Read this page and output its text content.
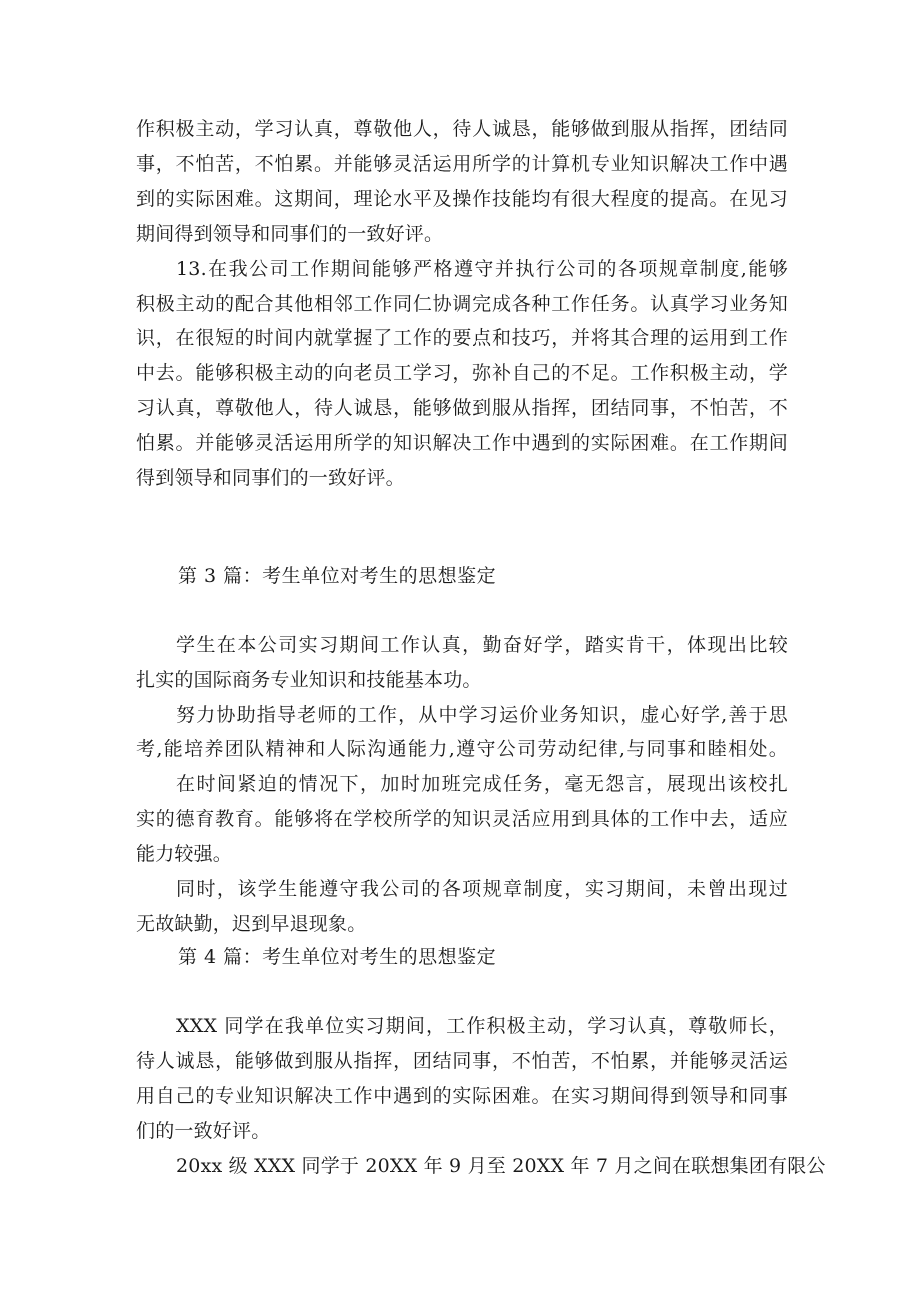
作积极主动，学习认真，尊敬他人，待人诚恳，能够做到服从指挥，团结同
事，不怕苦，不怕累。并能够灵活运用所学的计算机专业知识解决工作中遇
到的实际困难。这期间，理论水平及操作技能均有很大程度的提高。在见习
期间得到领导和同事们的一致好评。
13.在我公司工作期间能够严格遵守并执行公司的各项规章制度,能够
积极主动的配合其他相邻工作同仁协调完成各种工作任务。认真学习业务知
识，在很短的时间内就掌握了工作的要点和技巧，并将其合理的运用到工作
中去。能够积极主动的向老员工学习，弥补自己的不足。工作积极主动，学
习认真，尊敬他人，待人诚恳，能够做到服从指挥，团结同事，不怕苦，不
怕累。并能够灵活运用所学的知识解决工作中遇到的实际困难。在工作期间
得到领导和同事们的一致好评。
第 3 篇：考生单位对考生的思想鉴定
学生在本公司实习期间工作认真，勤奋好学，踏实肯干，体现出比较
扎实的国际商务专业知识和技能基本功。
努力协助指导老师的工作，从中学习运价业务知识，虚心好学,善于思
考,能培养团队精神和人际沟通能力,遵守公司劳动纪律,与同事和睦相处。
在时间紧迫的情况下，加时加班完成任务，毫无怨言，展现出该校扎
实的德育教育。能够将在学校所学的知识灵活应用到具体的工作中去，适应
能力较强。
同时，该学生能遵守我公司的各项规章制度，实习期间，未曾出现过
无故缺勤，迟到早退现象。
第 4 篇：考生单位对考生的思想鉴定
XXX 同学在我单位实习期间，工作积极主动，学习认真，尊敬师长，
待人诚恳，能够做到服从指挥，团结同事，不怕苦，不怕累，并能够灵活运
用自己的专业知识解决工作中遇到的实际困难。在实习期间得到领导和同事
们的一致好评。
20xx 级 XXX 同学于 20XX 年 9 月至 20XX 年 7 月之间在联想集团有限公
